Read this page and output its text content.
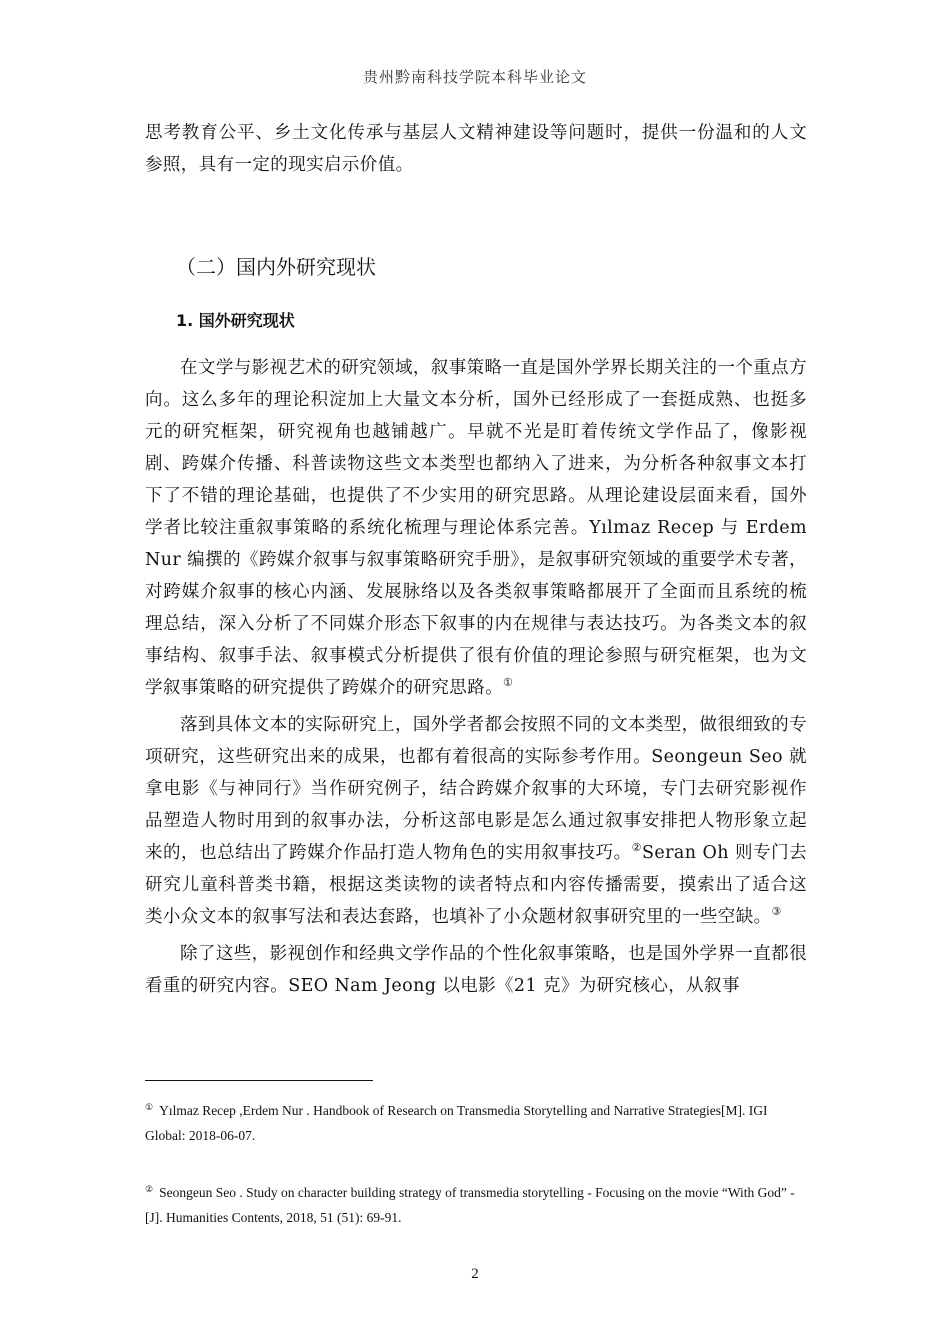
贵州黔南科技学院本科毕业论文

思考教育公平、乡土文化传承与基层人文精神建设等问题时，提供一份温和的人文参照，具有一定的现实启示价值。

（二）国内外研究现状
1. 国外研究现状

在文学与影视艺术的研究领域，叙事策略一直是国外学界长期关注的一个重点方向。这么多年的理论积淀加上大量文本分析，国外已经形成了一套挺成熟、也挺多元的研究框架，研究视角也越铺越广。早就不光是盯着传统文学作品了，像影视剧、跨媒介传播、科普读物这些文本类型也都纳入了进来，为分析各种叙事文本打下了不错的理论基础，也提供了不少实用的研究思路。从理论建设层面来看，国外学者比较注重叙事策略的系统化梳理与理论体系完善。Yılmaz Recep 与 Erdem Nur 编撰的《跨媒介叙事与叙事策略研究手册》，是叙事研究领域的重要学术专著，对跨媒介叙事的核心内涵、发展脉络以及各类叙事策略都展开了全面而且系统的梳理总结，深入分析了不同媒介形态下叙事的内在规律与表达技巧。为各类文本的叙事结构、叙事手法、叙事模式分析提供了很有价值的理论参照与研究框架，也为文学叙事策略的研究提供了跨媒介的研究思路。①

落到具体文本的实际研究上，国外学者都会按照不同的文本类型，做很细致的专项研究，这些研究出来的成果，也都有着很高的实际参考作用。Seongeun Seo 就拿电影《与神同行》当作研究例子，结合跨媒介叙事的大环境，专门去研究影视作品塑造人物时用到的叙事办法，分析这部电影是怎么通过叙事安排把人物形象立起来的，也总结出了跨媒介作品打造人物角色的实用叙事技巧。②Seran Oh 则专门去研究儿童科普类书籍，根据这类读物的读者特点和内容传播需要，摸索出了适合这类小众文本的叙事写法和表达套路，也填补了小众题材叙事研究里的一些空缺。③

除了这些，影视创作和经典文学作品的个性化叙事策略，也是国外学界一直都很看重的研究内容。SEO Nam Jeong 以电影《21 克》为研究核心，从叙事

① Yılmaz Recep ,Erdem Nur . Handbook of Research on Transmedia Storytelling and Narrative Strategies[M]. IGI Global: 2018-06-07.
② Seongeun Seo . Study on character building strategy of transmedia storytelling - Focusing on the movie “With God” - [J]. Humanities Contents, 2018, 51 (51): 69-91.
2
